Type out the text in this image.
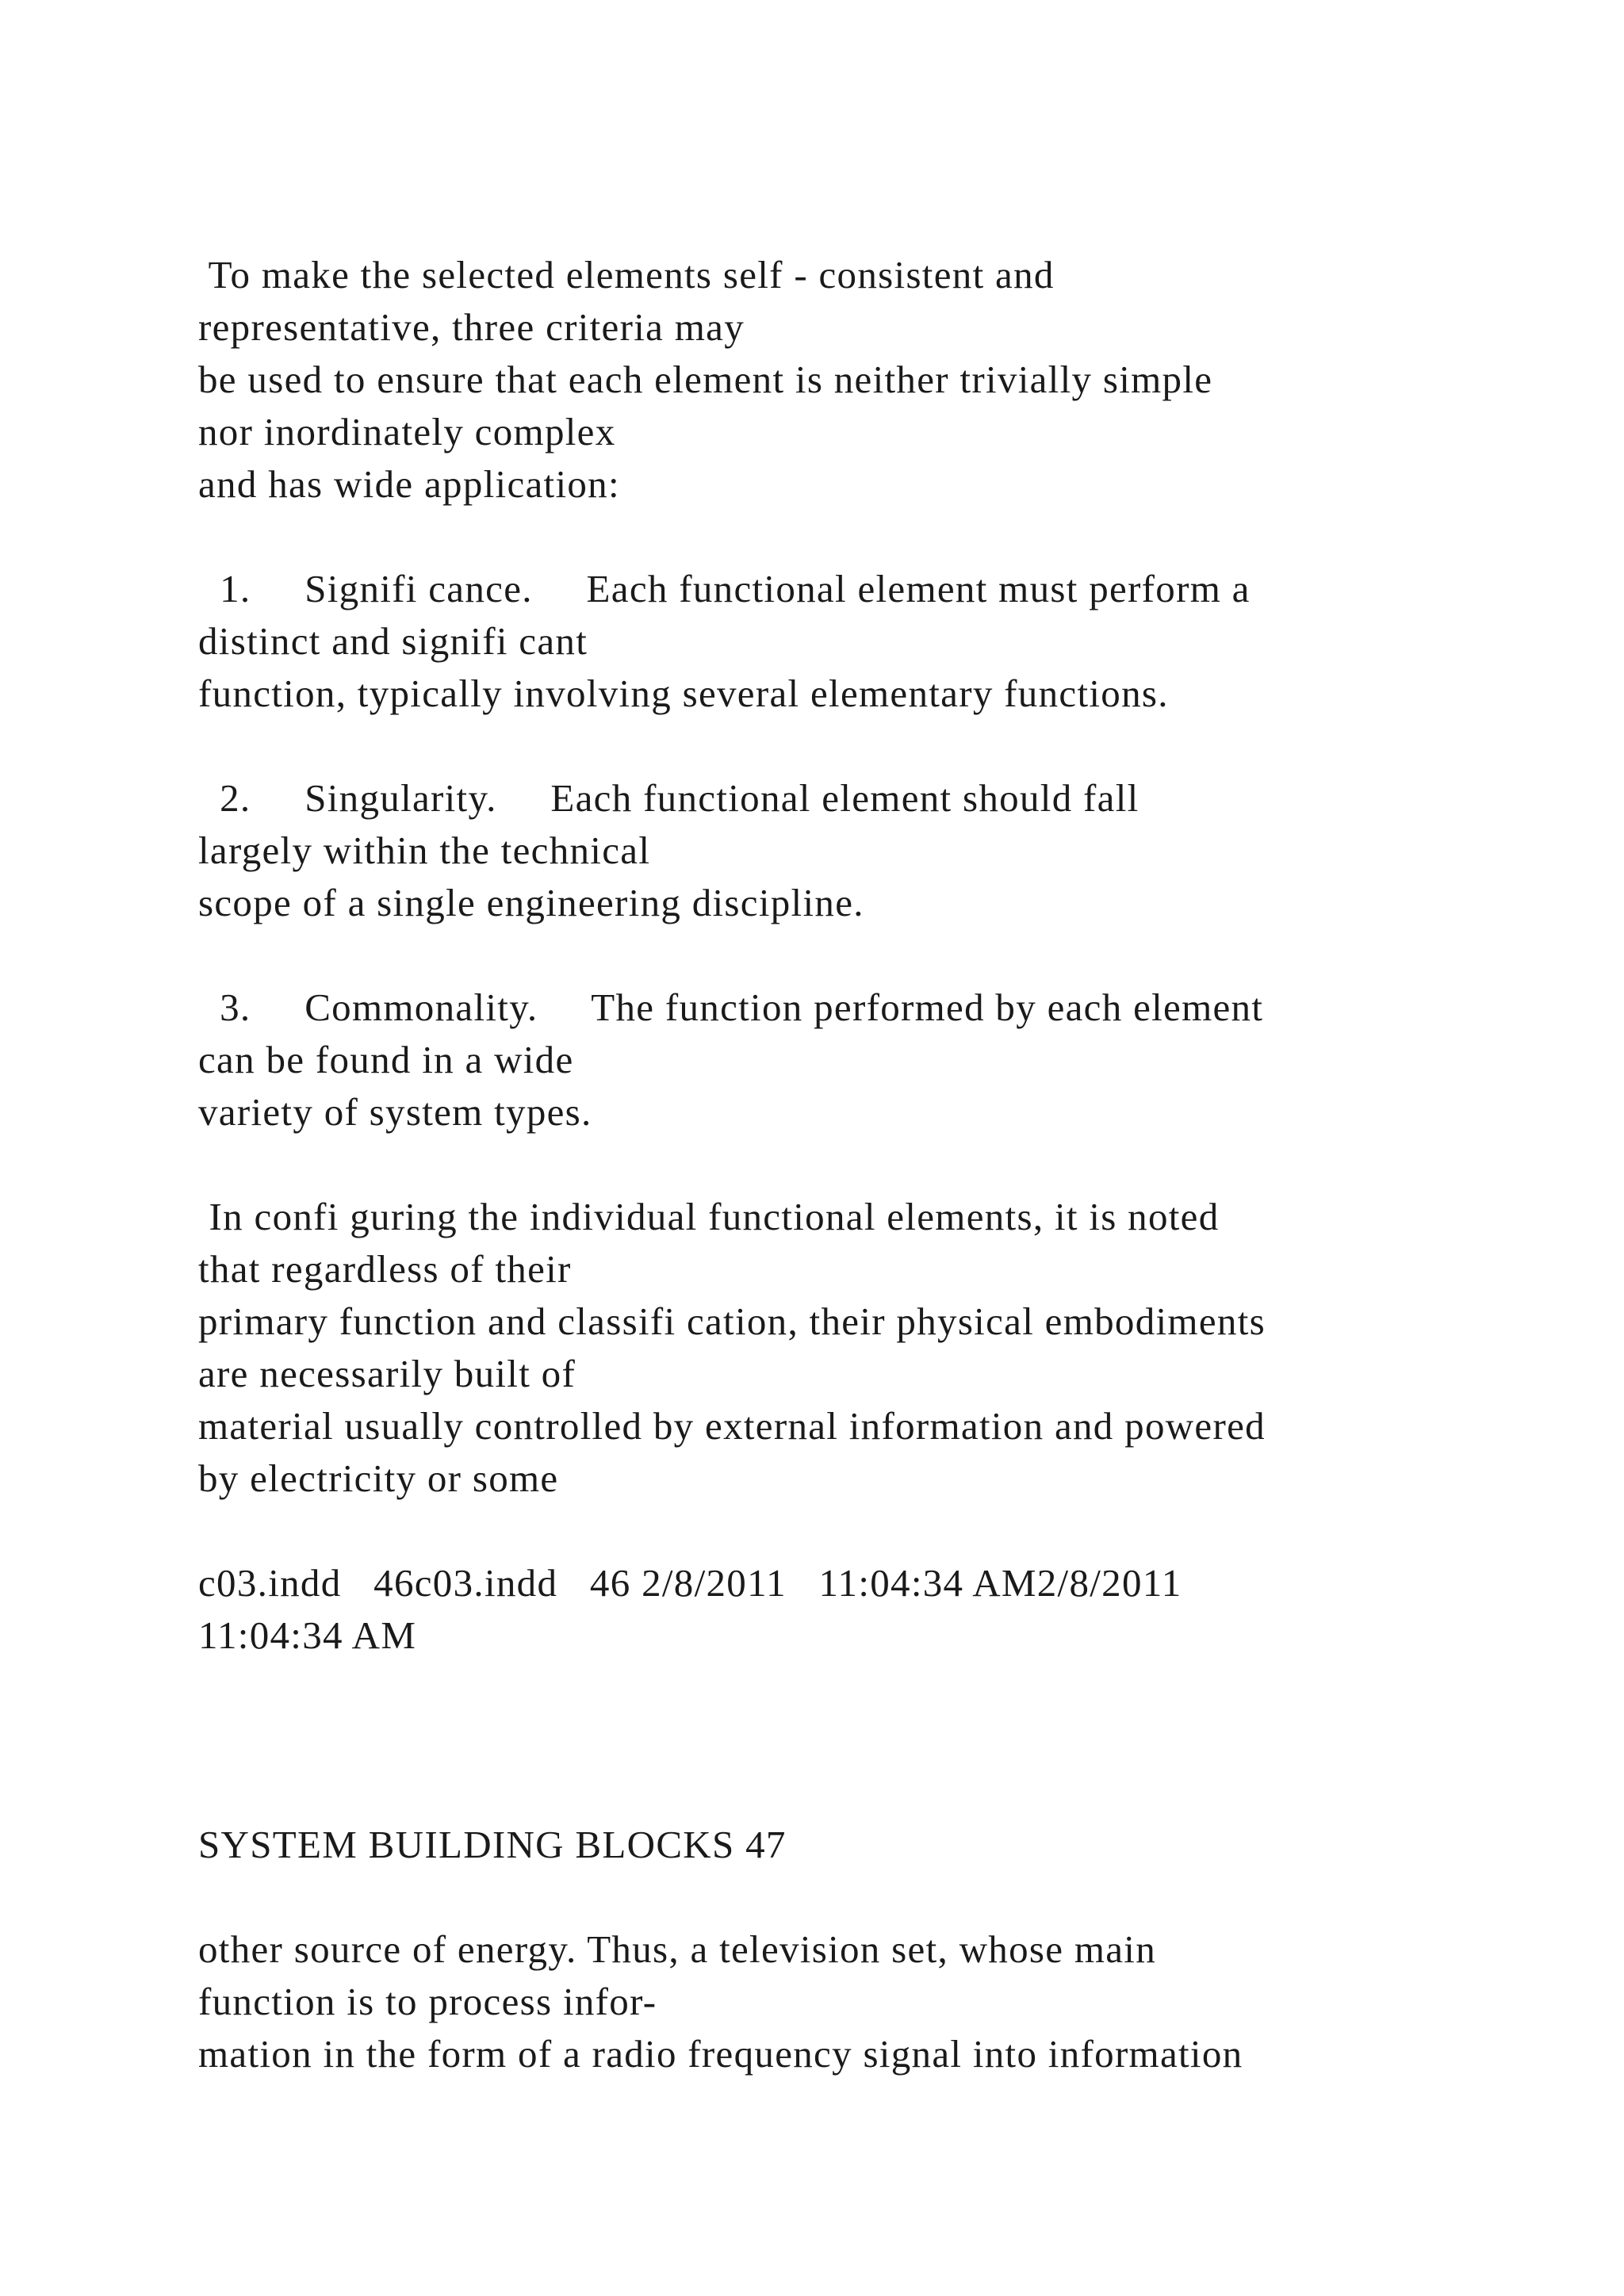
To make the selected elements self - consistent and
representative, three criteria may
be used to ensure that each element is neither trivially simple
nor inordinately complex
and has wide application:
1.     Signifi cance.     Each functional element must perform a
distinct and signifi cant
function, typically involving several elementary functions.
2.     Singularity.     Each functional element should fall
largely within the technical
scope of a single engineering discipline.
3.     Commonality.     The function performed by each element
can be found in a wide
variety of system types.
In confi guring the individual functional elements, it is noted
that regardless of their
primary function and classifi cation, their physical embodiments
are necessarily built of
material usually controlled by external information and powered
by electricity or some
c03.indd   46c03.indd   46 2/8/2011   11:04:34 AM2/8/2011
11:04:34 AM
SYSTEM BUILDING BLOCKS 47
other source of energy. Thus, a television set, whose main
function is to process infor-
mation in the form of a radio frequency signal into information
